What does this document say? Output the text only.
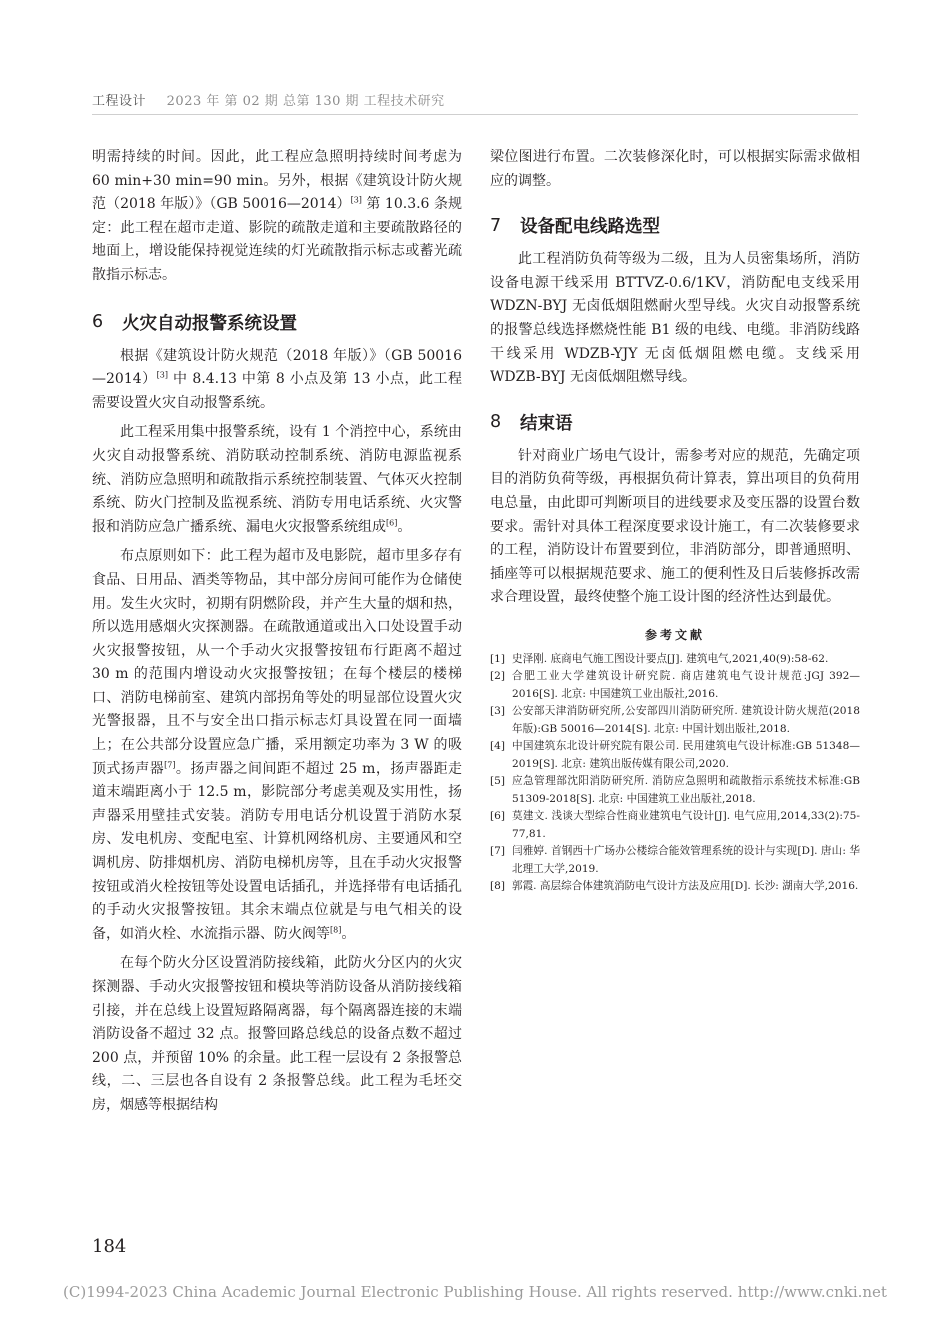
工程设计 2023 年 第 02 期 总第 130 期 工程技术研究

明需持续的时间。因此，此工程应急照明持续时间考虑为 60 min+30 min=90 min。另外，根据《建筑设计防火规范（2018 年版）》（GB 50016—2014）[3] 第 10.3.6 条规定：此工程在超市走道、影院的疏散走道和主要疏散路径的地面上，增设能保持视觉连续的灯光疏散指示标志或蓄光疏散指示标志。

6	火灾自动报警系统设置

根据《建筑设计防火规范（2018 年版）》（GB 50016—2014）[3] 中 8.4.13 中第 8 小点及第 13 小点，此工程需要设置火灾自动报警系统。

此工程采用集中报警系统，设有 1 个消控中心，系统由火灾自动报警系统、消防联动控制系统、消防电源监视系统、消防应急照明和疏散指示系统控制装置、气体灭火控制系统、防火门控制及监视系统、消防专用电话系统、火灾警报和消防应急广播系统、漏电火灾报警系统组成[6]。

布点原则如下：此工程为超市及电影院，超市里多存有食品、日用品、酒类等物品，其中部分房间可能作为仓储使用。发生火灾时，初期有阴燃阶段，并产生大量的烟和热，所以选用感烟火灾探测器。在疏散通道或出入口处设置手动火灾报警按钮，从一个手动火灾报警按钮布行距离不超过 30 m 的范围内增设动火灾报警按钮；在每个楼层的楼梯口、消防电梯前室、建筑内部拐角等处的明显部位设置火灾光警报器，且不与安全出口指示标志灯具设置在同一面墙上；在公共部分设置应急广播，采用额定功率为 3 W 的吸顶式扬声器[7]。扬声器之间间距不超过 25 m，扬声器距走道末端距离小于 12.5 m，影院部分考虑美观及实用性，扬声器采用壁挂式安装。消防专用电话分机设置于消防水泵房、发电机房、变配电室、计算机网络机房、主要通风和空调机房、防排烟机房、消防电梯机房等，且在手动火灾报警按钮或消火栓按钮等处设置电话插孔，并选择带有电话插孔的手动火灾报警按钮。其余末端点位就是与电气相关的设备，如消火栓、水流指示器、防火阀等[8]。

在每个防火分区设置消防接线箱，此防火分区内的火灾探测器、手动火灾报警按钮和模块等消防设备从消防接线箱引接，并在总线上设置短路隔离器，每个隔离器连接的末端消防设备不超过 32 点。报警回路总线总的设备点数不超过 200 点，并预留 10% 的余量。此工程一层设有 2 条报警总线，二、三层也各自设有 2 条报警总线。此工程为毛坯交房，烟感等根据结构

梁位图进行布置。二次装修深化时，可以根据实际需求做相应的调整。

7	设备配电线路选型

此工程消防负荷等级为二级，且为人员密集场所，消防设备电源干线采用 BTTVZ-0.6/1KV，消防配电支线采用 WDZN-BYJ 无卤低烟阻燃耐火型导线。火灾自动报警系统的报警总线选择燃烧性能 B1 级的电线、电缆。非消防线路干线采用 WDZB-YJY 无卤低烟阻燃电缆。支线采用 WDZB-BYJ 无卤低烟阻燃导线。

8	结束语

针对商业广场电气设计，需参考对应的规范，先确定项目的消防负荷等级，再根据负荷计算表，算出项目的负荷用电总量，由此即可判断项目的进线要求及变压器的设置台数要求。需针对具体工程深度要求设计施工，有二次装修要求的工程，消防设计布置要到位，非消防部分，即普通照明、插座等可以根据规范要求、施工的便利性及日后装修拆改需求合理设置，最终使整个施工设计图的经济性达到最优。

参考文献

[1] 史泽刚. 底商电气施工图设计要点[J]. 建筑电气,2021,40(9):58-62.
[2] 合肥工业大学建筑设计研究院. 商店建筑电气设计规范:JGJ 392—2016[S]. 北京: 中国建筑工业出版社,2016.
[3] 公安部天津消防研究所,公安部四川消防研究所. 建筑设计防火规范(2018 年版):GB 50016—2014[S]. 北京: 中国计划出版社,2018.
[4] 中国建筑东北设计研究院有限公司. 民用建筑电气设计标准:GB 51348—2019[S]. 北京: 建筑出版传媒有限公司,2020.
[5] 应急管理部沈阳消防研究所. 消防应急照明和疏散指示系统技术标准:GB 51309-2018[S]. 北京: 中国建筑工业出版社,2018.
[6] 莫建文. 浅谈大型综合性商业建筑电气设计[J]. 电气应用,2014,33(2):75-77,81.
[7] 闫雅婷. 首钢西十广场办公楼综合能效管理系统的设计与实现[D]. 唐山: 华北理工大学,2019.
[8] 郭霞. 高层综合体建筑消防电气设计方法及应用[D]. 长沙: 湖南大学,2016.
184
(C)1994-2023 China Academic Journal Electronic Publishing House. All rights reserved. http://www.cnki.net
